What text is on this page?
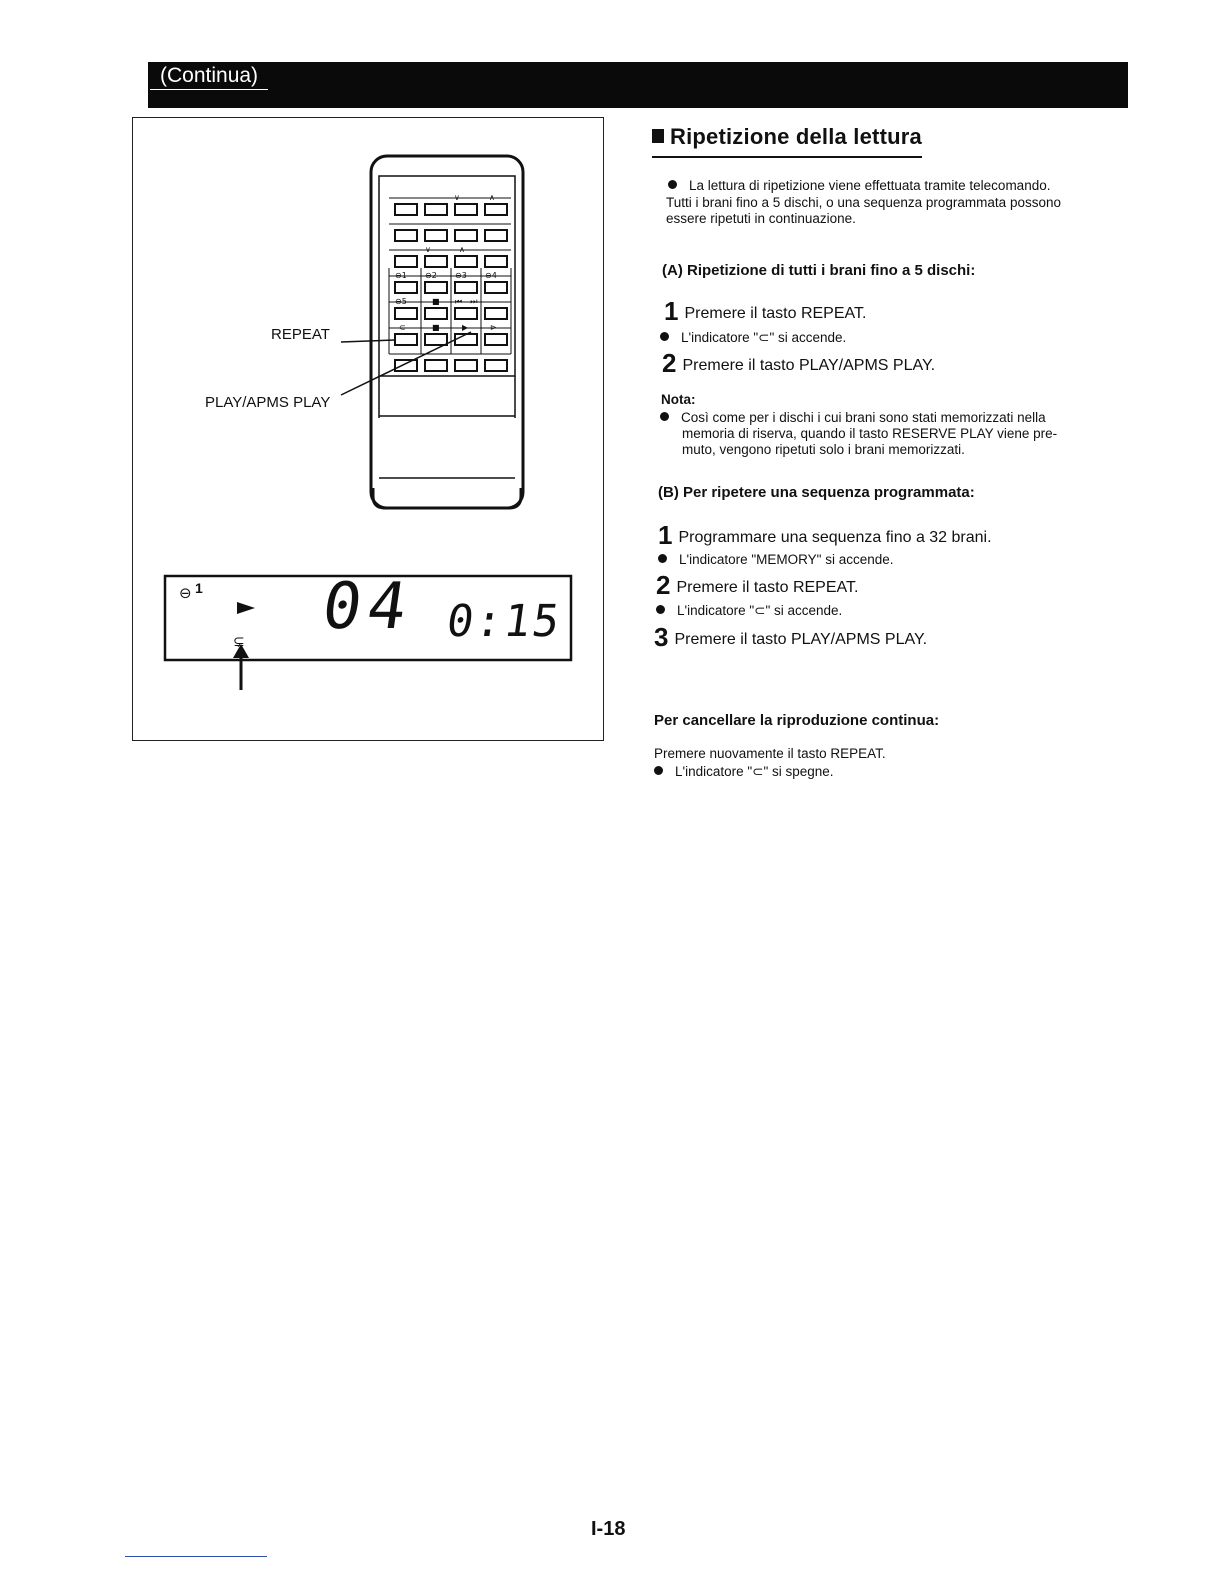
(Continua)
⊖1 ⊖2 ⊖3 ⊖4
⊖5	■ ⏮—⏭
⊂	■	▶	⊳
∨	∧
∨	∧
⊖
⊊
REPEAT
PLAY/APMS PLAY
1 04 0:15
Ripetizione della lettura
La lettura di ripetizione viene effettuata tramite telecomando.
Tutti i brani fino a 5 dischi, o una sequenza programmata possono
essere ripetuti in continuazione.
(A) Ripetizione di tutti i brani fino a 5 dischi:
1 Premere il tasto REPEAT.
L'indicatore "⊂" si accende.
2 Premere il tasto PLAY/APMS PLAY.
Nota:
Così come per i dischi i cui brani sono stati memorizzati nella
memoria di riserva, quando il tasto RESERVE PLAY viene pre-
muto, vengono ripetuti solo i brani memorizzati.
(B) Per ripetere una sequenza programmata:
1 Programmare una sequenza fino a 32 brani.
L'indicatore "MEMORY" si accende.
2 Premere il tasto REPEAT.
L'indicatore "⊂" si accende.
3 Premere il tasto PLAY/APMS PLAY.
Per cancellare la riproduzione continua:
Premere nuovamente il tasto REPEAT.
L'indicatore "⊂" si spegne.
I-18
